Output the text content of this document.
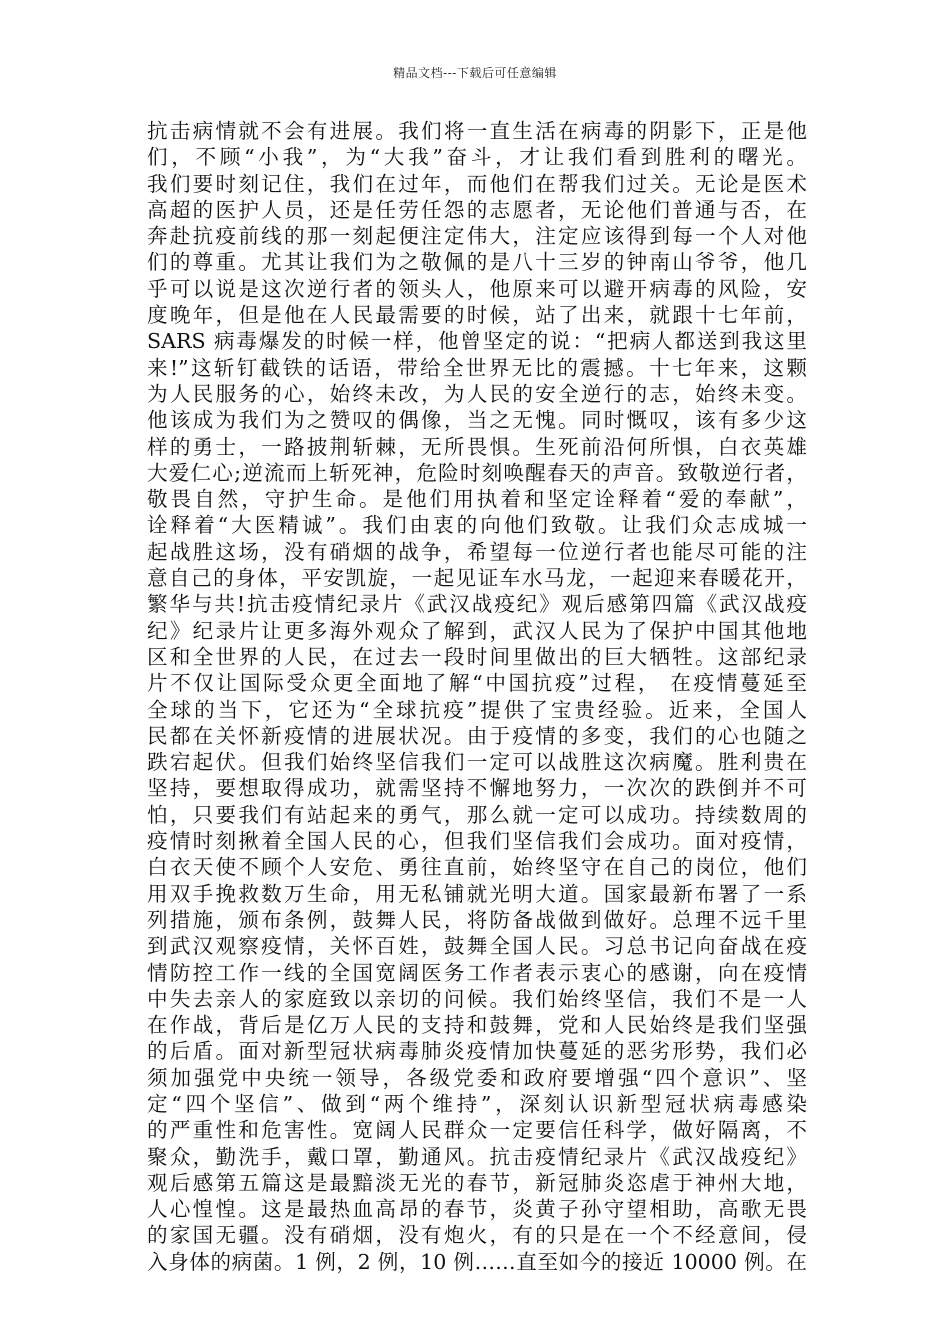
精品文档---下载后可任意编辑
抗击病情就不会有进展。我们将一直生活在病毒的阴影下，正是他
们，不顾“小我”，为“大我”奋斗，才让我们看到胜利的曙光。
我们要时刻记住，我们在过年，而他们在帮我们过关。无论是医术
高超的医护人员，还是任劳任怨的志愿者，无论他们普通与否，在
奔赴抗疫前线的那一刻起便注定伟大，注定应该得到每一个人对他
们的尊重。尤其让我们为之敬佩的是八十三岁的钟南山爷爷，他几
乎可以说是这次逆行者的领头人，他原来可以避开病毒的风险，安
度晚年，但是他在人民最需要的时候，站了出来，就跟十七年前，
SARS 病毒爆发的时候一样，他曾坚定的说：“把病人都送到我这里
来!”这斩钉截铁的话语，带给全世界无比的震撼。十七年来，这颗
为人民服务的心，始终未改，为人民的安全逆行的志，始终未变。
他该成为我们为之赞叹的偶像，当之无愧。同时慨叹，该有多少这
样的勇士，一路披荆斩棘，无所畏惧。生死前沿何所惧，白衣英雄
大爱仁心;逆流而上斩死神，危险时刻唤醒春天的声音。致敬逆行者，
敬畏自然，守护生命。是他们用执着和坚定诠释着“爱的奉献”，
诠释着“大医精诚”。我们由衷的向他们致敬。让我们众志成城一
起战胜这场，没有硝烟的战争，希望每一位逆行者也能尽可能的注
意自己的身体，平安凯旋，一起见证车水马龙，一起迎来春暖花开，
繁华与共!抗击疫情纪录片《武汉战疫纪》观后感第四篇《武汉战疫
纪》纪录片让更多海外观众了解到，武汉人民为了保护中国其他地
区和全世界的人民，在过去一段时间里做出的巨大牺牲。这部纪录
片不仅让国际受众更全面地了解“中国抗疫”过程， 在疫情蔓延至
全球的当下，它还为“全球抗疫”提供了宝贵经验。近来，全国人
民都在关怀新疫情的进展状况。由于疫情的多变，我们的心也随之
跌宕起伏。但我们始终坚信我们一定可以战胜这次病魔。胜利贵在
坚持，要想取得成功，就需坚持不懈地努力，一次次的跌倒并不可
怕，只要我们有站起来的勇气，那么就一定可以成功。持续数周的
疫情时刻揪着全国人民的心，但我们坚信我们会成功。面对疫情，
白衣天使不顾个人安危、勇往直前，始终坚守在自己的岗位，他们
用双手挽救数万生命，用无私铺就光明大道。国家最新布署了一系
列措施，颁布条例，鼓舞人民，将防备战做到做好。总理不远千里
到武汉观察疫情，关怀百姓，鼓舞全国人民。习总书记向奋战在疫
情防控工作一线的全国宽阔医务工作者表示衷心的感谢，向在疫情
中失去亲人的家庭致以亲切的问候。我们始终坚信，我们不是一人
在作战，背后是亿万人民的支持和鼓舞，党和人民始终是我们坚强
的后盾。面对新型冠状病毒肺炎疫情加快蔓延的恶劣形势，我们必
须加强党中央统一领导，各级党委和政府要增强“四个意识”、坚
定“四个坚信”、做到“两个维持”，深刻认识新型冠状病毒感染
的严重性和危害性。宽阔人民群众一定要信任科学，做好隔离，不
聚众，勤洗手，戴口罩，勤通风。抗击疫情纪录片《武汉战疫纪》
观后感第五篇这是最黯淡无光的春节，新冠肺炎恣虐于神州大地，
人心惶惶。这是最热血高昂的春节，炎黄子孙守望相助，高歌无畏
的家国无疆。没有硝烟，没有炮火，有的只是在一个不经意间，侵
入身体的病菌。1 例，2 例，10 例……直至如今的接近 10000 例。在
